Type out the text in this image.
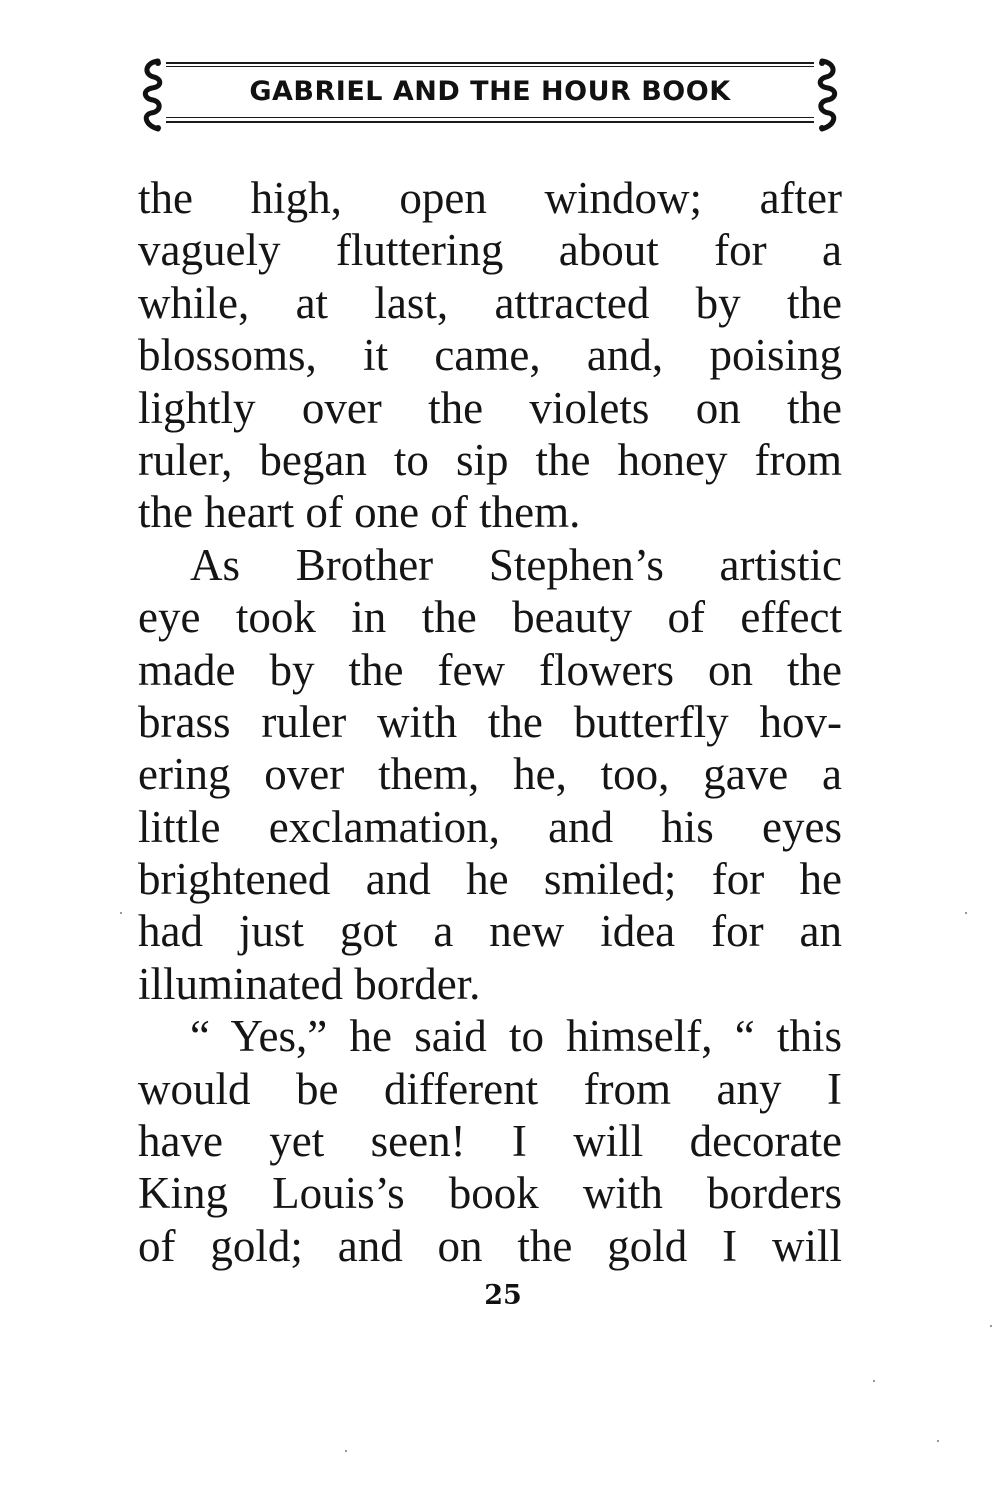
GABRIEL AND THE HOUR BOOK
the high, open window; after
vaguely fluttering about for a
while, at last, attracted by the
blossoms, it came, and, poising
lightly over the violets on the
ruler, began to sip the honey from
the heart of one of them.
As Brother Stephen’s artistic
eye took in the beauty of effect
made by the few flowers on the
brass ruler with the butterfly hov-
ering over them, he, too, gave a
little exclamation, and his eyes
brightened and he smiled; for he
had just got a new idea for an
illuminated border.
“ Yes,” he said to himself, “ this
would be different from any I
have yet seen! I will decorate
King Louis’s book with borders
of gold; and on the gold I will
25
